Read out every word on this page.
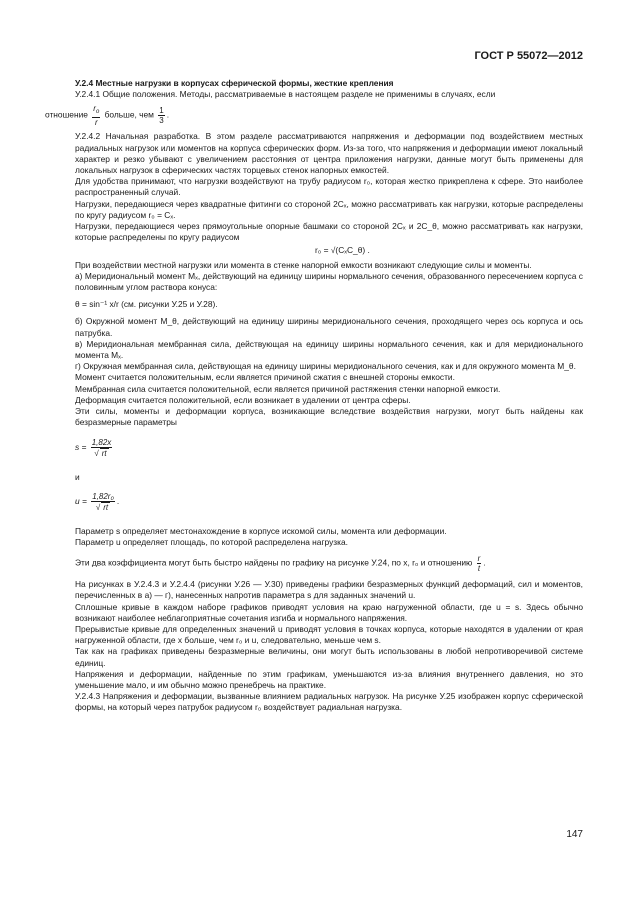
ГОСТ Р 55072—2012

У.2.4 Местные нагрузки в корпусах сферической формы, жесткие крепления

У.2.4.1 Общие положения. Методы, рассматриваемые в настоящем разделе не применимы в случаях, если

отношение $\frac{r_o}{r}$ больше, чем $\frac{1}{3}$ .

У.2.4.2 Начальная разработка. В этом разделе рассматриваются напряжения и деформации под воздействием местных радиальных нагрузок или моментов на корпуса сферических форм. Из-за того, что напряжения и деформации имеют локальный характер и резко убывают с увеличением расстояния от центра приложения нагрузки, данные могут быть применены для локальных нагрузок в сферических частях торцевых стенок напорных емкостей.

Для удобства принимают, что нагрузки воздействуют на трубу радиусом r₀, которая жестко прикреплена к сфере. Это наиболее распространенный случай.

Нагрузки, передающиеся через квадратные фитинги со стороной 2Cₓ, можно рассматривать как нагрузки, которые распределены по кругу радиусом r₀ = Cₓ.

Нагрузки, передающиеся через прямоугольные опорные башмаки со стороной 2Cₓ и 2C_θ, можно рассматривать как нагрузки, которые распределены по кругу радиусом

r₀ = √(CₓC_θ) .

При воздействии местной нагрузки или момента в стенке напорной емкости возникают следующие силы и моменты.

а) Меридиональный момент Mₓ, действующий на единицу ширины нормального сечения, образованного пересечением корпуса с половинным углом раствора конуса:

θ = sin⁻¹ x/r (см. рисунки У.25 и У.28).

б) Окружной момент M_θ, действующий на единицу ширины меридионального сечения, проходящего через ось корпуса и ось патрубка.

в) Меридиональная мембранная сила, действующая на единицу ширины нормального сечения, как и для меридионального момента Mₓ.

г) Окружная мембранная сила, действующая на единицу ширины меридионального сечения, как и для окружного момента M_θ.

Момент считается положительным, если является причиной сжатия с внешней стороны емкости.

Мембранная сила считается положительной, если является причиной растяжения стенки напорной емкости.

Деформация считается положительной, если возникает в удалении от центра сферы.

Эти силы, моменты и деформации корпуса, возникающие вследствие воздействия нагрузки, могут быть найдены как безразмерные параметры

$s = \frac{1,82x}{√ rt}$

и

$u = \frac{\text{1,82r₀}}{√ rt}$ .

Параметр s определяет местонахождение в корпусе искомой силы, момента или деформации.

Параметр u определяет площадь, по которой распределена нагрузка.

Эти два коэффициента могут быть быстро найдены по графику на рисунке У.24, по x, r₀ и отношению $\frac{r}{t}$ .

На рисунках в У.2.4.3 и У.2.4.4 (рисунки У.26 — У.30) приведены графики безразмерных функций деформаций, сил и моментов, перечисленных в а) — г), нанесенных напротив параметра s для заданных значений u.

Сплошные кривые в каждом наборе графиков приводят условия на краю нагруженной области, где u = s. Здесь обычно возникают наиболее неблагоприятные сочетания изгиба и нормального напряжения.

Прерывистые кривые для определенных значений u приводят условия в точках корпуса, которые находятся в удалении от края нагруженной области, где x больше, чем r₀ и u, следовательно, меньше чем s.

Так как на графиках приведены безразмерные величины, они могут быть использованы в любой непротиворечивой системе единиц.

Напряжения и деформации, найденные по этим графикам, уменьшаются из-за влияния внутреннего давления, но это уменьшение мало, и им обычно можно пренебречь на практике.

У.2.4.3 Напряжения и деформации, вызванные влиянием радиальных нагрузок. На рисунке У.25 изображен корпус сферической формы, на который через патрубок радиусом r₀ воздействует радиальная нагрузка.

147
